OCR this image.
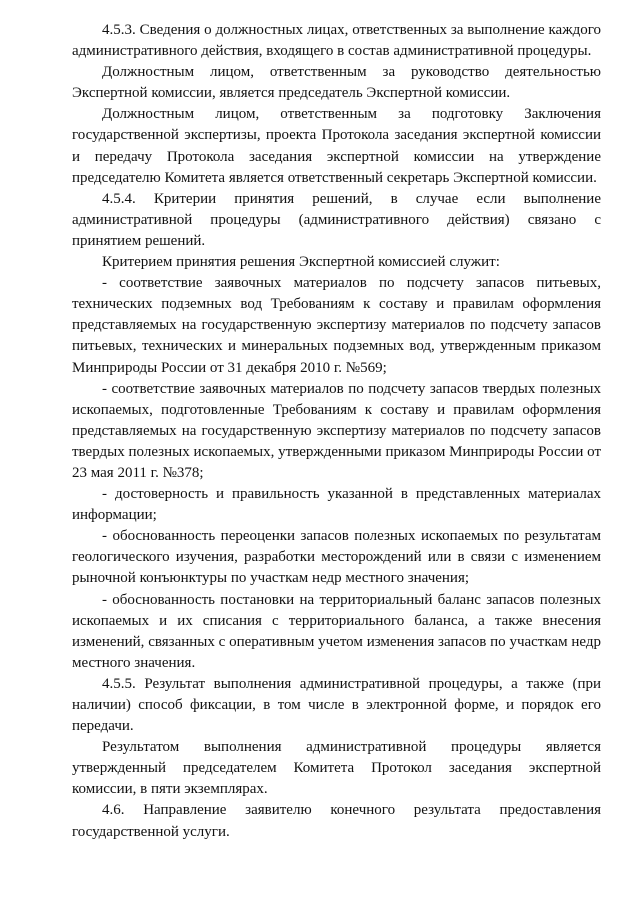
4.5.3. Сведения о должностных лицах, ответственных за выполнение каждого административного действия, входящего в состав административной процедуры.

Должностным лицом, ответственным за руководство деятельностью Экспертной комиссии, является председатель Экспертной комиссии.

Должностным лицом, ответственным за подготовку Заключения государственной экспертизы, проекта Протокола заседания экспертной комиссии и передачу Протокола заседания экспертной комиссии на утверждение председателю Комитета является ответственный секретарь Экспертной комиссии.

4.5.4. Критерии принятия решений, в случае если выполнение административной процедуры (административного действия) связано с принятием решений.

Критерием принятия решения Экспертной комиссией служит:

- соответствие заявочных материалов по подсчету запасов питьевых, технических подземных вод Требованиям к составу и правилам оформления представляемых на государственную экспертизу материалов по подсчету запасов питьевых, технических и минеральных подземных вод, утвержденным приказом Минприроды России от 31 декабря 2010 г. №569;

- соответствие заявочных материалов по подсчету запасов твердых полезных ископаемых, подготовленные Требованиям к составу и правилам оформления представляемых на государственную экспертизу материалов по подсчету запасов твердых полезных ископаемых, утвержденными приказом Минприроды России от 23 мая 2011 г. №378;

- достоверность и правильность указанной в представленных материалах информации;

- обоснованность переоценки запасов полезных ископаемых по результатам геологического изучения, разработки месторождений или в связи с изменением рыночной конъюнктуры по участкам недр местного значения;

- обоснованность постановки на территориальный баланс запасов полезных ископаемых и их списания с территориального баланса, а также внесения изменений, связанных с оперативным учетом изменения запасов по участкам недр местного значения.

4.5.5. Результат выполнения административной процедуры, а также (при наличии) способ фиксации, в том числе в электронной форме, и порядок его передачи.

Результатом выполнения административной процедуры является утвержденный председателем Комитета Протокол заседания экспертной комиссии, в пяти экземплярах.

4.6. Направление заявителю конечного результата предоставления государственной услуги.
